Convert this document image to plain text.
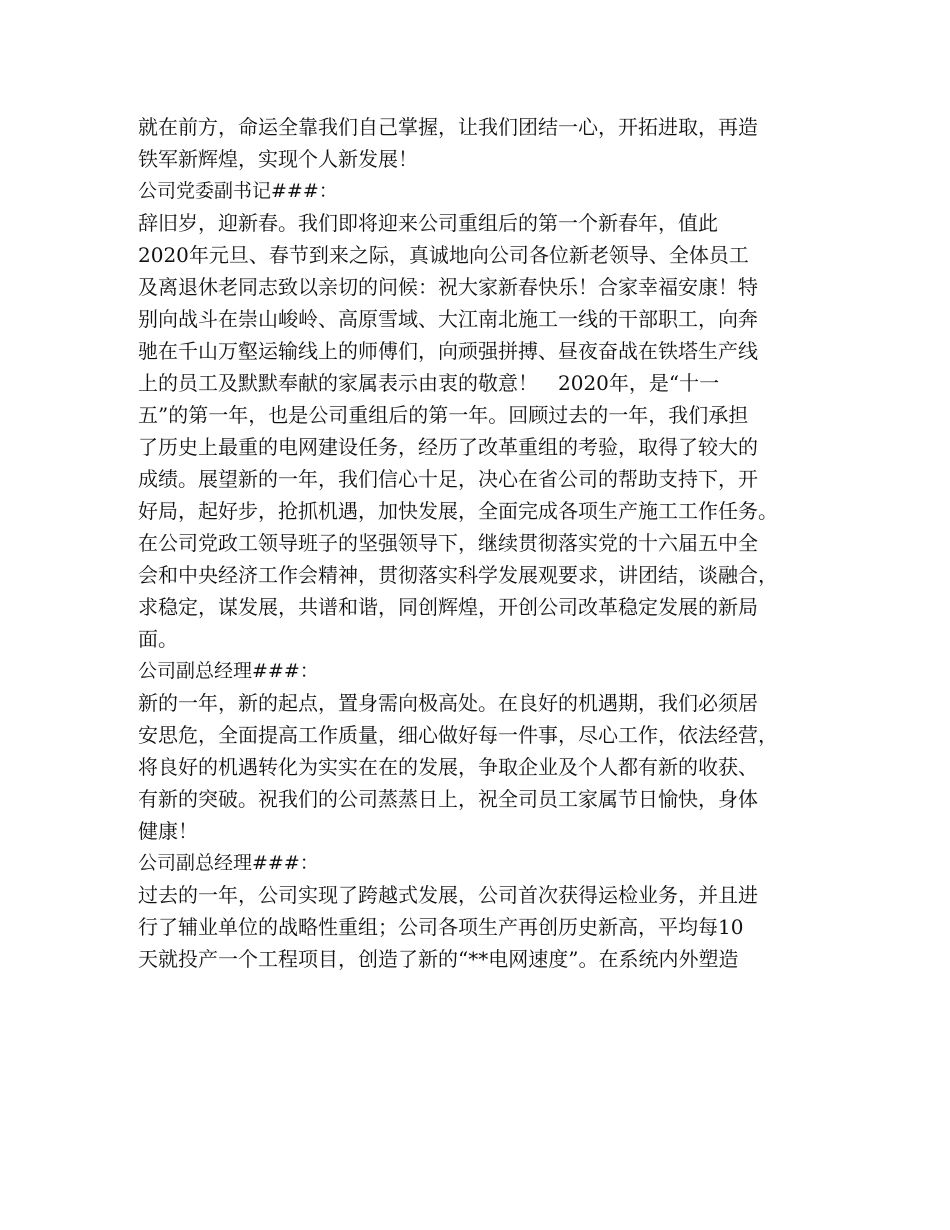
就在前方，命运全靠我们自己掌握，让我们团结一心，开拓进取，再造
铁军新辉煌，实现个人新发展！
公司党委副书记###：
辞旧岁，迎新春。我们即将迎来公司重组后的第一个新春年，值此
2020年元旦、春节到来之际，真诚地向公司各位新老领导、全体员工
及离退休老同志致以亲切的问候：祝大家新春快乐！合家幸福安康！特
别向战斗在崇山峻岭、高原雪域、大江南北施工一线的干部职工，向奔
驰在千山万壑运输线上的师傅们，向顽强拼搏、昼夜奋战在铁塔生产线
上的员工及默默奉献的家属表示由衷的敬意！　2020年，是“十一
五”的第一年，也是公司重组后的第一年。回顾过去的一年，我们承担
了历史上最重的电网建设任务，经历了改革重组的考验，取得了较大的
成绩。展望新的一年，我们信心十足，决心在省公司的帮助支持下，开
好局，起好步，抢抓机遇，加快发展，全面完成各项生产施工工作任务。
在公司党政工领导班子的坚强领导下，继续贯彻落实党的十六届五中全
会和中央经济工作会精神，贯彻落实科学发展观要求，讲团结，谈融合，
求稳定，谋发展，共谱和谐，同创辉煌，开创公司改革稳定发展的新局
面。
公司副总经理###：
新的一年，新的起点，置身需向极高处。在良好的机遇期，我们必须居
安思危，全面提高工作质量，细心做好每一件事，尽心工作，依法经营，
将良好的机遇转化为实实在在的发展，争取企业及个人都有新的收获、
有新的突破。祝我们的公司蒸蒸日上，祝全司员工家属节日愉快，身体
健康！
公司副总经理###：
过去的一年，公司实现了跨越式发展，公司首次获得运检业务，并且进
行了辅业单位的战略性重组；公司各项生产再创历史新高，平均每10
天就投产一个工程项目，创造了新的“**电网速度”。在系统内外塑造
